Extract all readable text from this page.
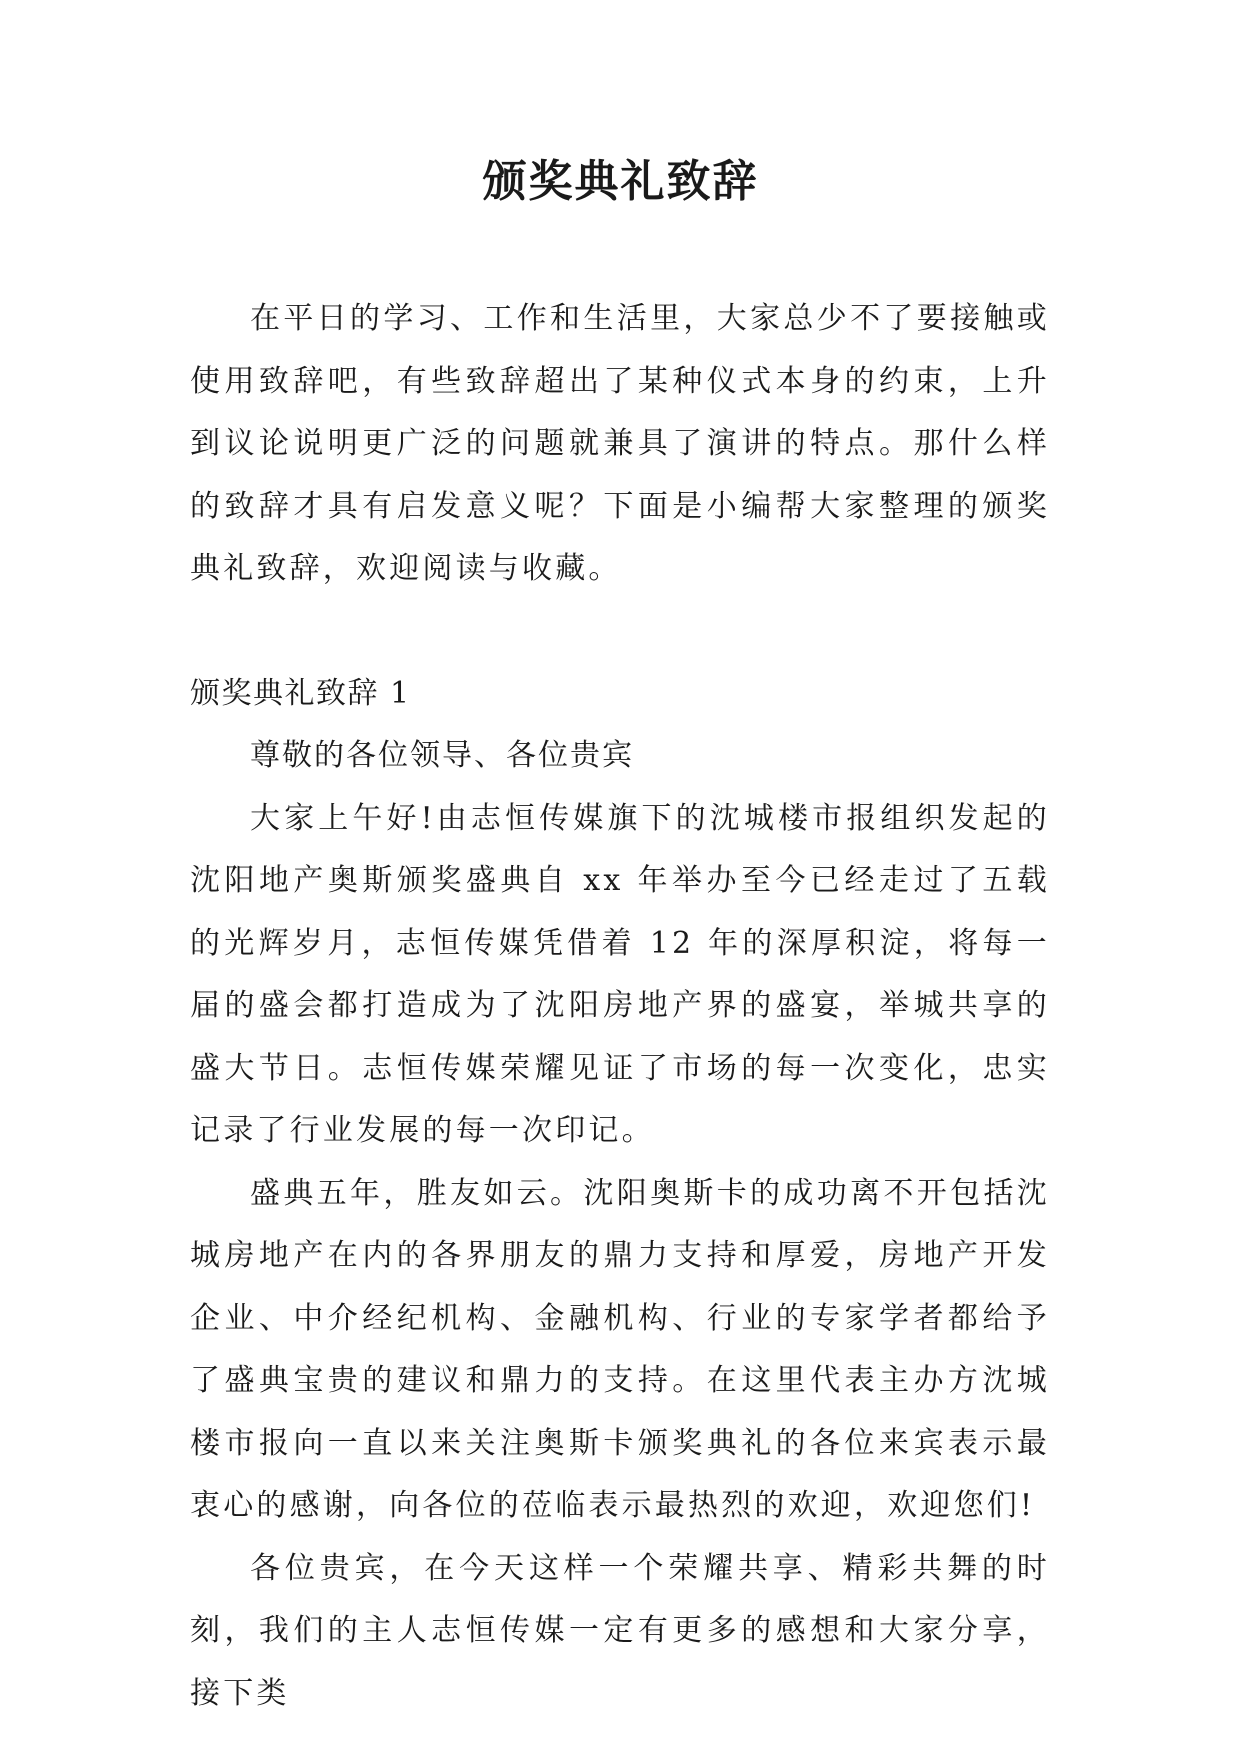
颁奖典礼致辞

在平日的学习、工作和生活里，大家总少不了要接触或使用致辞吧，有些致辞超出了某种仪式本身的约束，上升到议论说明更广泛的问题就兼具了演讲的特点。那什么样的致辞才具有启发意义呢？下面是小编帮大家整理的颁奖典礼致辞，欢迎阅读与收藏。

颁奖典礼致辞 1

尊敬的各位领导、各位贵宾

大家上午好!由志恒传媒旗下的沈城楼市报组织发起的沈阳地产奥斯颁奖盛典自 xx 年举办至今已经走过了五载的光辉岁月，志恒传媒凭借着 12 年的深厚积淀，将每一届的盛会都打造成为了沈阳房地产界的盛宴，举城共享的盛大节日。志恒传媒荣耀见证了市场的每一次变化，忠实记录了行业发展的每一次印记。

盛典五年，胜友如云。沈阳奥斯卡的成功离不开包括沈城房地产在内的各界朋友的鼎力支持和厚爱，房地产开发企业、中介经纪机构、金融机构、行业的专家学者都给予了盛典宝贵的建议和鼎力的支持。在这里代表主办方沈城楼市报向一直以来关注奥斯卡颁奖典礼的各位来宾表示最衷心的感谢，向各位的莅临表示最热烈的欢迎，欢迎您们!

各位贵宾，在今天这样一个荣耀共享、精彩共舞的时刻，我们的主人志恒传媒一定有更多的感想和大家分享，接下类
